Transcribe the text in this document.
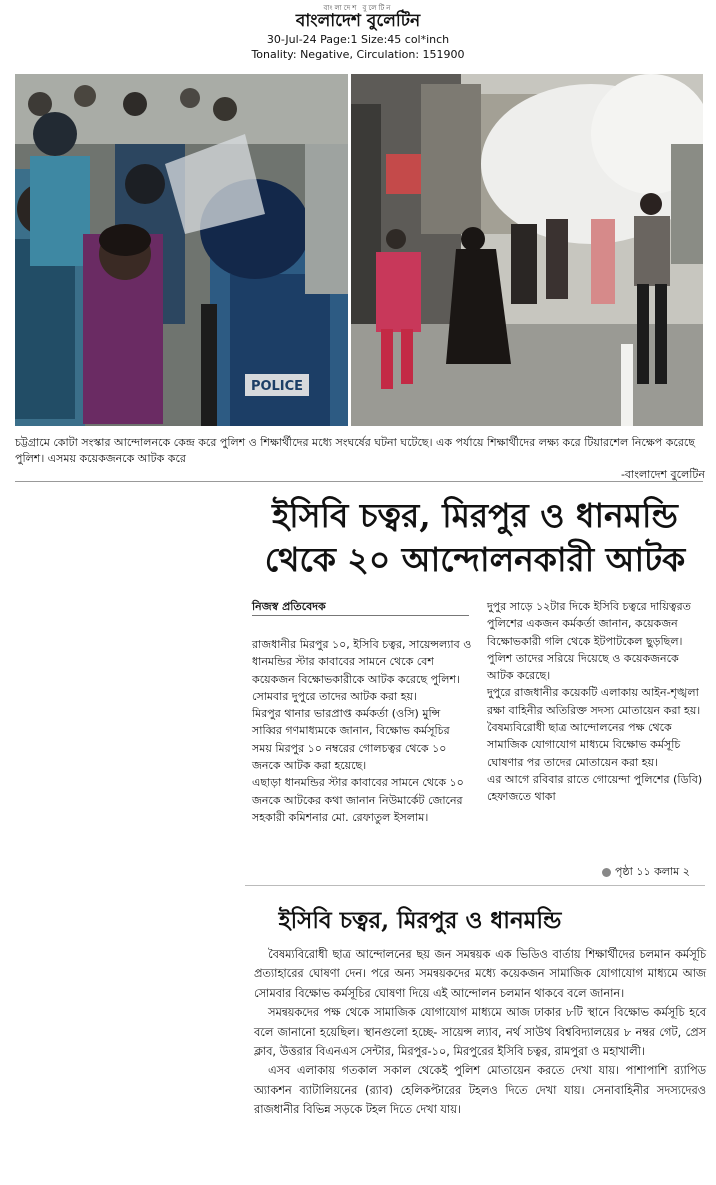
বাংলাদেশ বুলেটিন
বাংলাদেশ বুলেটিন
30-Jul-24 Page:1 Size:45 col*inch
Tonality: Negative, Circulation: 151900
POLICE
চট্টগ্রামে কোটা সংস্কার আন্দোলনকে কেন্দ্র করে পুলিশ ও শিক্ষার্থীদের মধ্যে সংঘর্ষের ঘটনা ঘটেছে। এক পর্যায়ে শিক্ষার্থীদের লক্ষ্য করে টিয়ারশেল নিক্ষেপ করেছে পুলিশ। এসময় কয়েকজনকে আটক করে
-বাংলাদেশ বুলেটিন
ইসিবি চত্বর, মিরপুর ও ধানমন্ডি
থেকে ২০ আন্দোলনকারী আটক
নিজস্ব প্রতিবেদক

রাজধানীর মিরপুর ১০, ইসিবি চত্বর, সায়েন্সল্যাব ও ধানমন্ডির স্টার কাবাবের সামনে থেকে বেশ কয়েকজন বিক্ষোভকারীকে আটক করেছে পুলিশ। সোমবার দুপুরে তাদের আটক করা হয়।

মিরপুর থানার ভারপ্রাপ্ত কর্মকর্তা (ওসি) মুন্সি সাব্বির গণমাধ্যমকে জানান, বিক্ষোভ কর্মসূচির সময় মিরপুর ১০ নম্বরের গোলচত্বর থেকে ১০ জনকে আটক করা হয়েছে।

এছাড়া ধানমন্ডির স্টার কাবাবের সামনে থেকে ১০ জনকে আটকের কথা জানান নিউমার্কেট জোনের সহকারী কমিশনার মো. রেফাতুল ইসলাম।

দুপুর সাড়ে ১২টার দিকে ইসিবি চত্বরে দায়িত্বরত পুলিশের একজন কর্মকর্তা জানান, কয়েকজন বিক্ষোভকারী গলি থেকে ইটপাটকেল ছুড়ছিল। পুলিশ তাদের সরিয়ে দিয়েছে ও কয়েকজনকে আটক করেছে।

দুপুরে রাজধানীর কয়েকটি এলাকায় আইন-শৃঙ্খলা রক্ষা বাহিনীর অতিরিক্ত সদস্য মোতায়েন করা হয়।

বৈষম্যবিরোধী ছাত্র আন্দোলনের পক্ষ থেকে সামাজিক যোগাযোগ মাধ্যমে বিক্ষোভ কর্মসূচি ঘোষণার পর তাদের মোতায়েন করা হয়।

এর আগে রবিবার রাতে গোয়েন্দা পুলিশের (ডিবি) হেফাজতে থাকা

পৃষ্ঠা ১১ কলাম ২
ইসিবি চত্বর, মিরপুর ও ধানমন্ডি

বৈষম্যবিরোধী ছাত্র আন্দোলনের ছয় জন সমন্বয়ক এক ভিডিও বার্তায় শিক্ষার্থীদের চলমান কর্মসূচি প্রত্যাহারের ঘোষণা দেন। পরে অন্য সমন্বয়কদের মধ্যে কয়েকজন সামাজিক যোগাযোগ মাধ্যমে আজ সোমবার বিক্ষোভ কর্মসূচির ঘোষণা দিয়ে এই আন্দোলন চলমান থাকবে বলে জানান।

সমন্বয়কদের পক্ষ থেকে সামাজিক যোগাযোগ মাধ্যমে আজ ঢাকার ৮টি স্থানে বিক্ষোভ কর্মসূচি হবে বলে জানানো হয়েছিল। স্থানগুলো হচ্ছে- সায়েন্স ল্যাব, নর্থ সাউথ বিশ্ববিদ্যালয়ের ৮ নম্বর গেট, প্রেস ক্লাব, উত্তরার বিএনএস সেন্টার, মিরপুর-১০, মিরপুরের ইসিবি চত্বর, রামপুরা ও মহাখালী।

এসব এলাকায় গতকাল সকাল থেকেই পুলিশ মোতায়েন করতে দেখা যায়। পাশাপাশি র‍্যাপিড অ্যাকশন ব্যাটালিয়নের (র‍্যাব) হেলিকপ্টারের টহলও দিতে দেখা যায়। সেনাবাহিনীর সদস্যদেরও রাজধানীর বিভিন্ন সড়কে টহল দিতে দেখা যায়।
